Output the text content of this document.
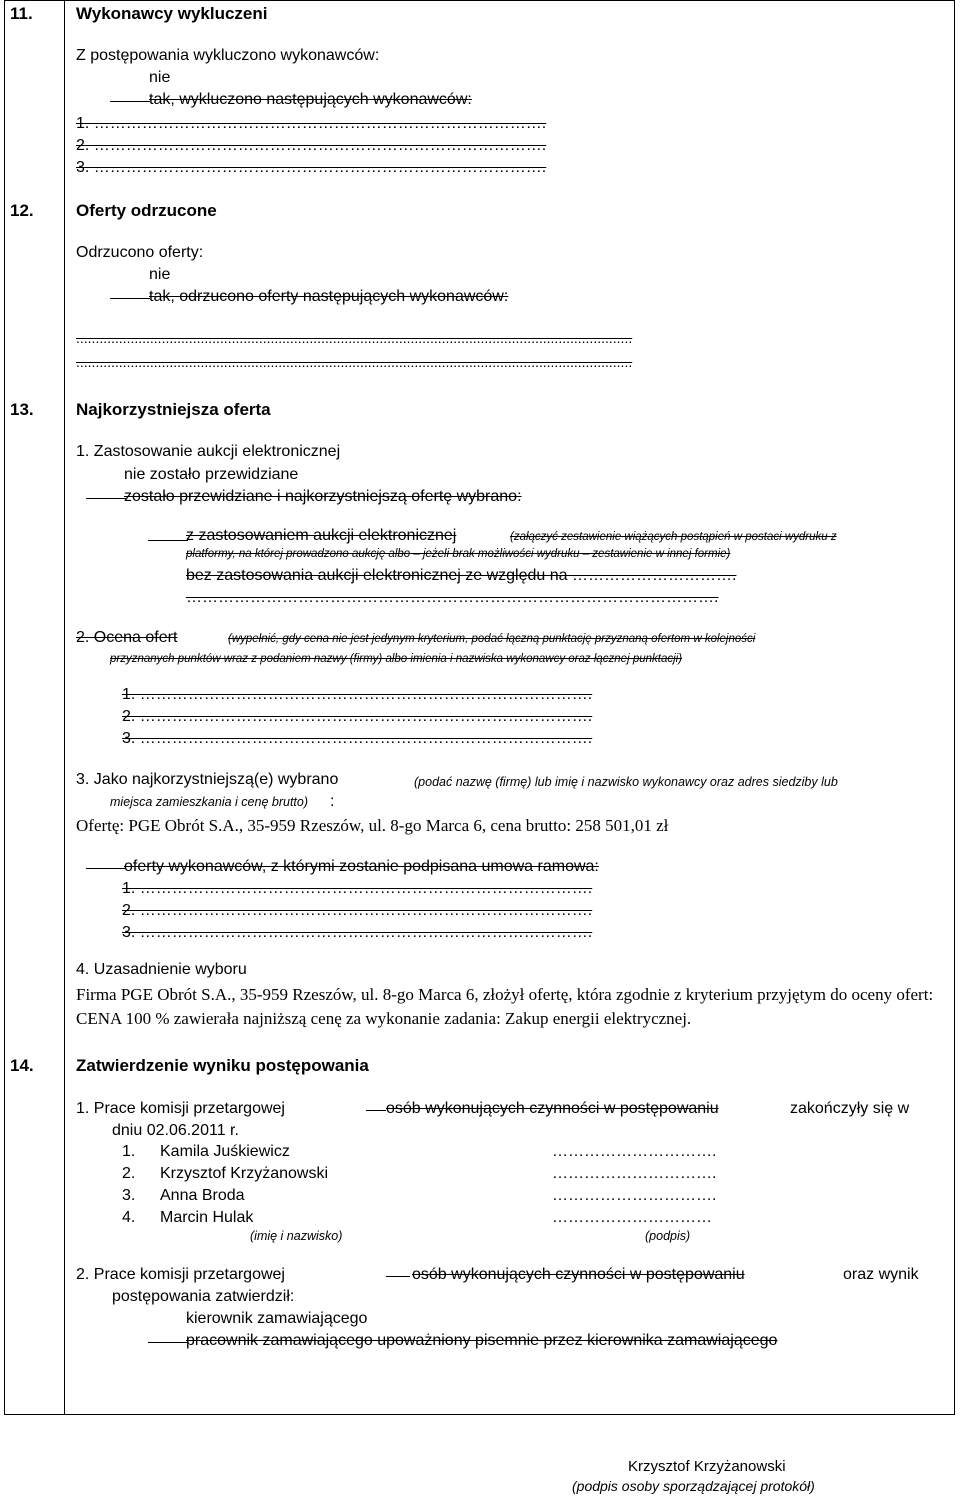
11.	Wykonawcy wykluczeni
Z postępowania wykluczono wykonawców:
nie
tak, wykluczono następujących wykonawców:
1. ………………………………………………………………………….
2. ………………………………………………………………………….
3. ………………………………………………………………………….
12. Oferty odrzucone
Odrzucono oferty:
nie
tak, odrzucono oferty następujących wykonawców:
...............................................................................................................................................
...............................................................................................................................................
13. Najkorzystniejsza oferta
1. Zastosowanie aukcji elektronicznej
nie zostało przewidziane
zostało przewidziane i najkorzystniejszą ofertę wybrano:
z zastosowaniem aukcji elektronicznej	(załączyć zestawienie wiążących postąpień w postaci wydruku z
platformy, na której prowadzono aukcję albo – jeżeli brak możliwości wydruku – zestawienie w innej formie)
bez zastosowania aukcji elektronicznej ze względu na ………………………….
……………………………………………………………………………………….
2. Ocena ofert	(wypełnić, gdy cena nie jest jedynym kryterium, podać łączną punktację przyznaną ofertom w kolejności
przyznanych punktów wraz z podaniem nazwy (firmy) albo imienia i nazwiska wykonawcy oraz łącznej punktacji)
1. ………………………………………………………………………….
2. ………………………………………………………………………….
3. ………………………………………………………………………….
3. Jako najkorzystniejszą(e) wybrano	(podać nazwę (firmę) lub imię i nazwisko wykonawcy oraz adres siedziby lub
miejsca zamieszkania i cenę brutto) :
Ofertę: PGE Obrót S.A., 35-959 Rzeszów, ul. 8-go Marca 6, cena brutto: 258 501,01 zł
oferty wykonawców, z którymi zostanie podpisana umowa ramowa:
1. ………………………………………………………………………….
2. ………………………………………………………………………….
3. ………………………………………………………………………….
4. Uzasadnienie wyboru
Firma PGE Obrót S.A., 35-959 Rzeszów, ul. 8-go Marca 6, złożył ofertę, która zgodnie z kryterium przyjętym do oceny ofert: CENA 100 % zawierała najniższą cenę za wykonanie zadania: Zakup energii elektrycznej.
14. Zatwierdzenie wyniku postępowania
1. Prace komisji przetargowej	osób wykonujących czynności w postępowaniu	zakończyły się w
dniu 02.06.2011 r.
1. Kamila Juśkiewicz	………………………….
2. Krzysztof Krzyżanowski	………………………….
3. Anna Broda	………………………….
4. Marcin Hulak	…………………………
(imię i nazwisko)	(podpis)
2. Prace komisji przetargowej	osób wykonujących czynności w postępowaniu	oraz wynik
postępowania zatwierdził:
kierownik zamawiającego
pracownik zamawiającego upoważniony pisemnie przez kierownika zamawiającego
Krzysztof Krzyżanowski
(podpis osoby sporządzającej protokół)
